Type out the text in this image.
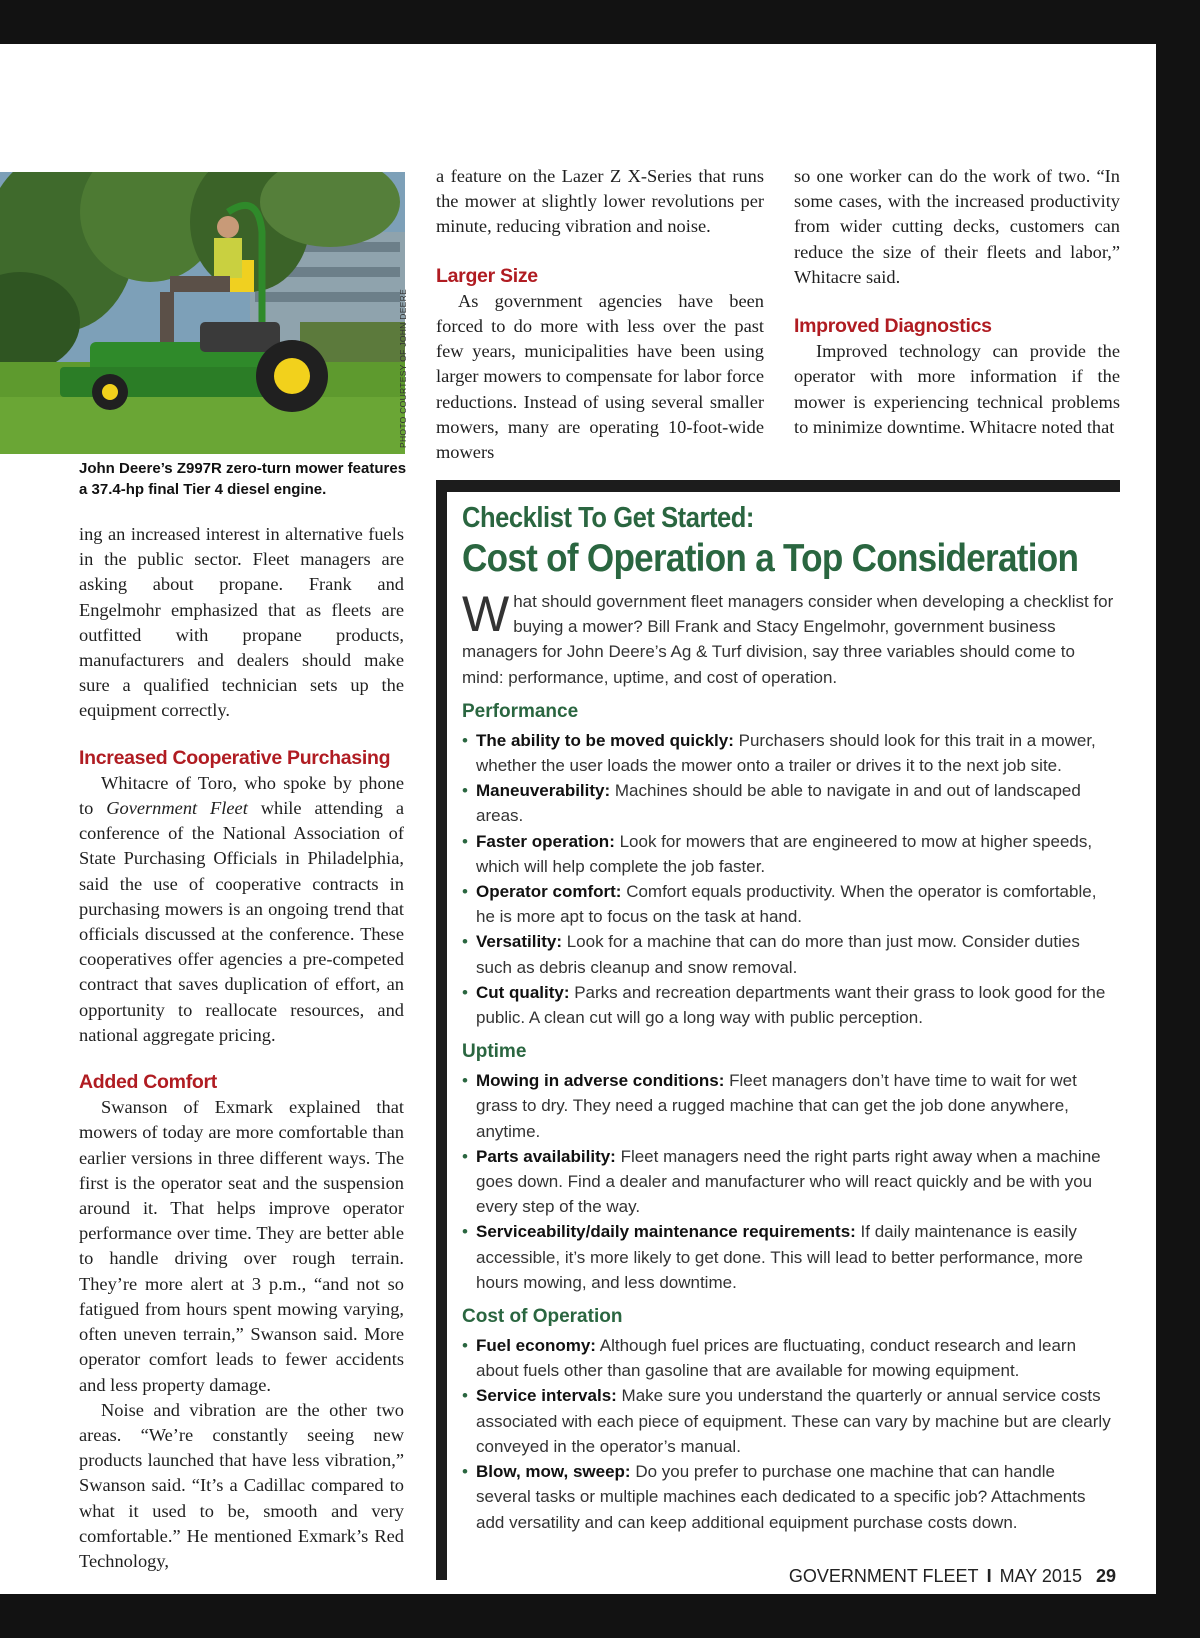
PHOTO COURTESY OF JOHN DEERE
John Deere’s Z997R zero-turn mower features a 37.4-hp final Tier 4 diesel engine.

ing an increased interest in alternative fuels in the public sector. Fleet managers are asking about propane. Frank and Engelmohr emphasized that as fleets are outfitted with propane products, manufacturers and dealers should make sure a qualified technician sets up the equipment correctly.

Increased Cooperative Purchasing

Whitacre of Toro, who spoke by phone to Government Fleet while attending a conference of the National Association of State Purchasing Officials in Philadelphia, said the use of cooperative contracts in purchasing mowers is an ongoing trend that officials discussed at the conference. These cooperatives offer agencies a pre-competed contract that saves duplication of effort, an opportunity to reallocate resources, and national aggregate pricing.

Added Comfort

Swanson of Exmark explained that mowers of today are more comfortable than earlier versions in three different ways. The first is the operator seat and the suspension around it. That helps improve operator performance over time. They are better able to handle driving over rough terrain. They’re more alert at 3 p.m., “and not so fatigued from hours spent mowing varying, often uneven terrain,” Swanson said. More operator comfort leads to fewer accidents and less property damage.

Noise and vibration are the other two areas. “We’re constantly seeing new products launched that have less vibration,” Swanson said. “It’s a Cadillac compared to what it used to be, smooth and very comfortable.” He mentioned Exmark’s Red Technology,

a feature on the Lazer Z X-Series that runs the mower at slightly lower revolutions per minute, reducing vibration and noise.

Larger Size

As government agencies have been forced to do more with less over the past few years, municipalities have been using larger mowers to compensate for labor force reductions. Instead of using several smaller mowers, many are operating 10-foot-wide mowers

so one worker can do the work of two. “In some cases, with the increased productivity from wider cutting decks, customers can reduce the size of their fleets and labor,” Whitacre said.

Improved Diagnostics

Improved technology can provide the operator with more information if the mower is experiencing technical problems to minimize downtime. Whitacre noted that

Checklist To Get Started:
Cost of Operation a Top Consideration

What should government fleet managers consider when developing a checklist for buying a mower? Bill Frank and Stacy Engelmohr, government business managers for John Deere’s Ag & Turf division, say three variables should come to mind: performance, uptime, and cost of operation.

Performance
• The ability to be moved quickly: Purchasers should look for this trait in a mower, whether the user loads the mower onto a trailer or drives it to the next job site.
• Maneuverability: Machines should be able to navigate in and out of landscaped areas.
• Faster operation: Look for mowers that are engineered to mow at higher speeds, which will help complete the job faster.
• Operator comfort: Comfort equals productivity. When the operator is comfortable, he is more apt to focus on the task at hand.
• Versatility: Look for a machine that can do more than just mow. Consider duties such as debris cleanup and snow removal.
• Cut quality: Parks and recreation departments want their grass to look good for the public. A clean cut will go a long way with public perception.
Uptime
• Mowing in adverse conditions: Fleet managers don’t have time to wait for wet grass to dry. They need a rugged machine that can get the job done anywhere, anytime.
• Parts availability: Fleet managers need the right parts right away when a machine goes down. Find a dealer and manufacturer who will react quickly and be with you every step of the way.
• Serviceability/daily maintenance requirements: If daily maintenance is easily accessible, it’s more likely to get done. This will lead to better performance, more hours mowing, and less downtime.
Cost of Operation
• Fuel economy: Although fuel prices are fluctuating, conduct research and learn about fuels other than gasoline that are available for mowing equipment.
• Service intervals: Make sure you understand the quarterly or annual service costs associated with each piece of equipment. These can vary by machine but are clearly conveyed in the operator’s manual.
• Blow, mow, sweep: Do you prefer to purchase one machine that can handle several tasks or multiple machines each dedicated to a specific job? Attachments add versatility and can keep additional equipment purchase costs down.
GOVERNMENT FLEET I MAY 2015 29
